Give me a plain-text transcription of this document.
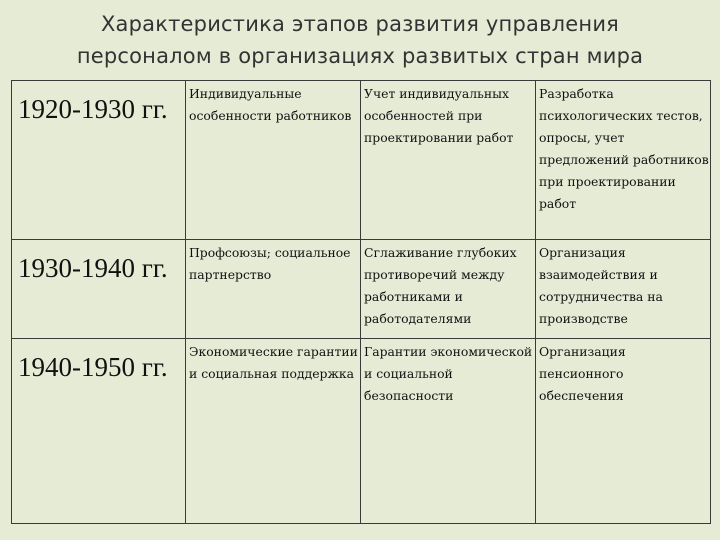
Характеристика этапов развития управления
персоналом в организациях развитых стран мира
1920-1930 гг.	Индивидуальные особенности работников	Учет индивидуальных особенностей при проектировании работ	Разработка психологических тестов, опросы, учет предложений работников при проектировании работ
1930-1940 гг.	Профсоюзы; социальное партнерство	Сглаживание глубоких противоречий между работниками и работодателями	Организация взаимодействия и сотрудничества на производстве
1940-1950 гг.	Экономические гарантии и социальная поддержка	Гарантии экономической и социальной безопасности	Организация пенсионного обеспечения
